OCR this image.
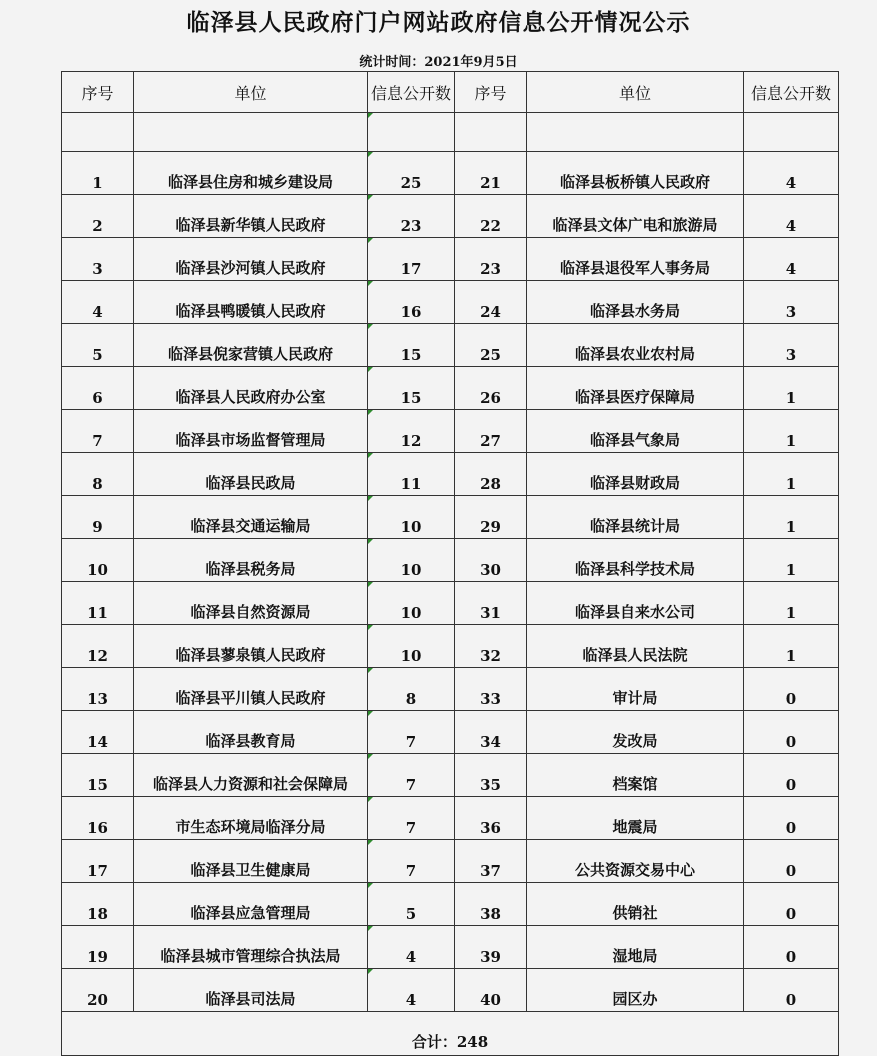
临泽县人民政府门户网站政府信息公开情况公示
统计时间：2021年9月5日
序号	单位	信息公开数	序号	单位	信息公开数

1	临泽县住房和城乡建设局	25	21	临泽县板桥镇人民政府	4
2	临泽县新华镇人民政府	23	22	临泽县文体广电和旅游局	4
3	临泽县沙河镇人民政府	17	23	临泽县退役军人事务局	4
4	临泽县鸭暖镇人民政府	16	24	临泽县水务局	3
5	临泽县倪家营镇人民政府	15	25	临泽县农业农村局	3
6	临泽县人民政府办公室	15	26	临泽县医疗保障局	1
7	临泽县市场监督管理局	12	27	临泽县气象局	1
8	临泽县民政局	11	28	临泽县财政局	1
9	临泽县交通运输局	10	29	临泽县统计局	1
10	临泽县税务局	10	30	临泽县科学技术局	1
11	临泽县自然资源局	10	31	临泽县自来水公司	1
12	临泽县蓼泉镇人民政府	10	32	临泽县人民法院	1
13	临泽县平川镇人民政府	8	33	审计局	0
14	临泽县教育局	7	34	发改局	0
15	临泽县人力资源和社会保障局	7	35	档案馆	0
16	市生态环境局临泽分局	7	36	地震局	0
17	临泽县卫生健康局	7	37	公共资源交易中心	0
18	临泽县应急管理局	5	38	供销社	0
19	临泽县城市管理综合执法局	4	39	湿地局	0
20	临泽县司法局	4	40	园区办	0
合计：248					
